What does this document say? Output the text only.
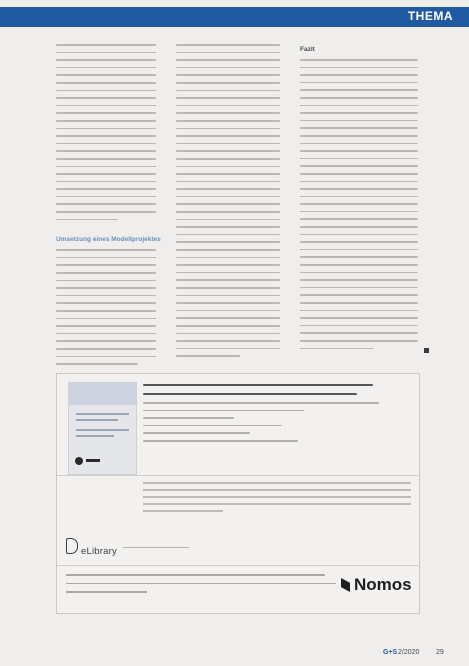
THEMA
Umsetzung eines Modellprojektes
Fazit
eLibrary
Nomos
G+S 2/2020 29
